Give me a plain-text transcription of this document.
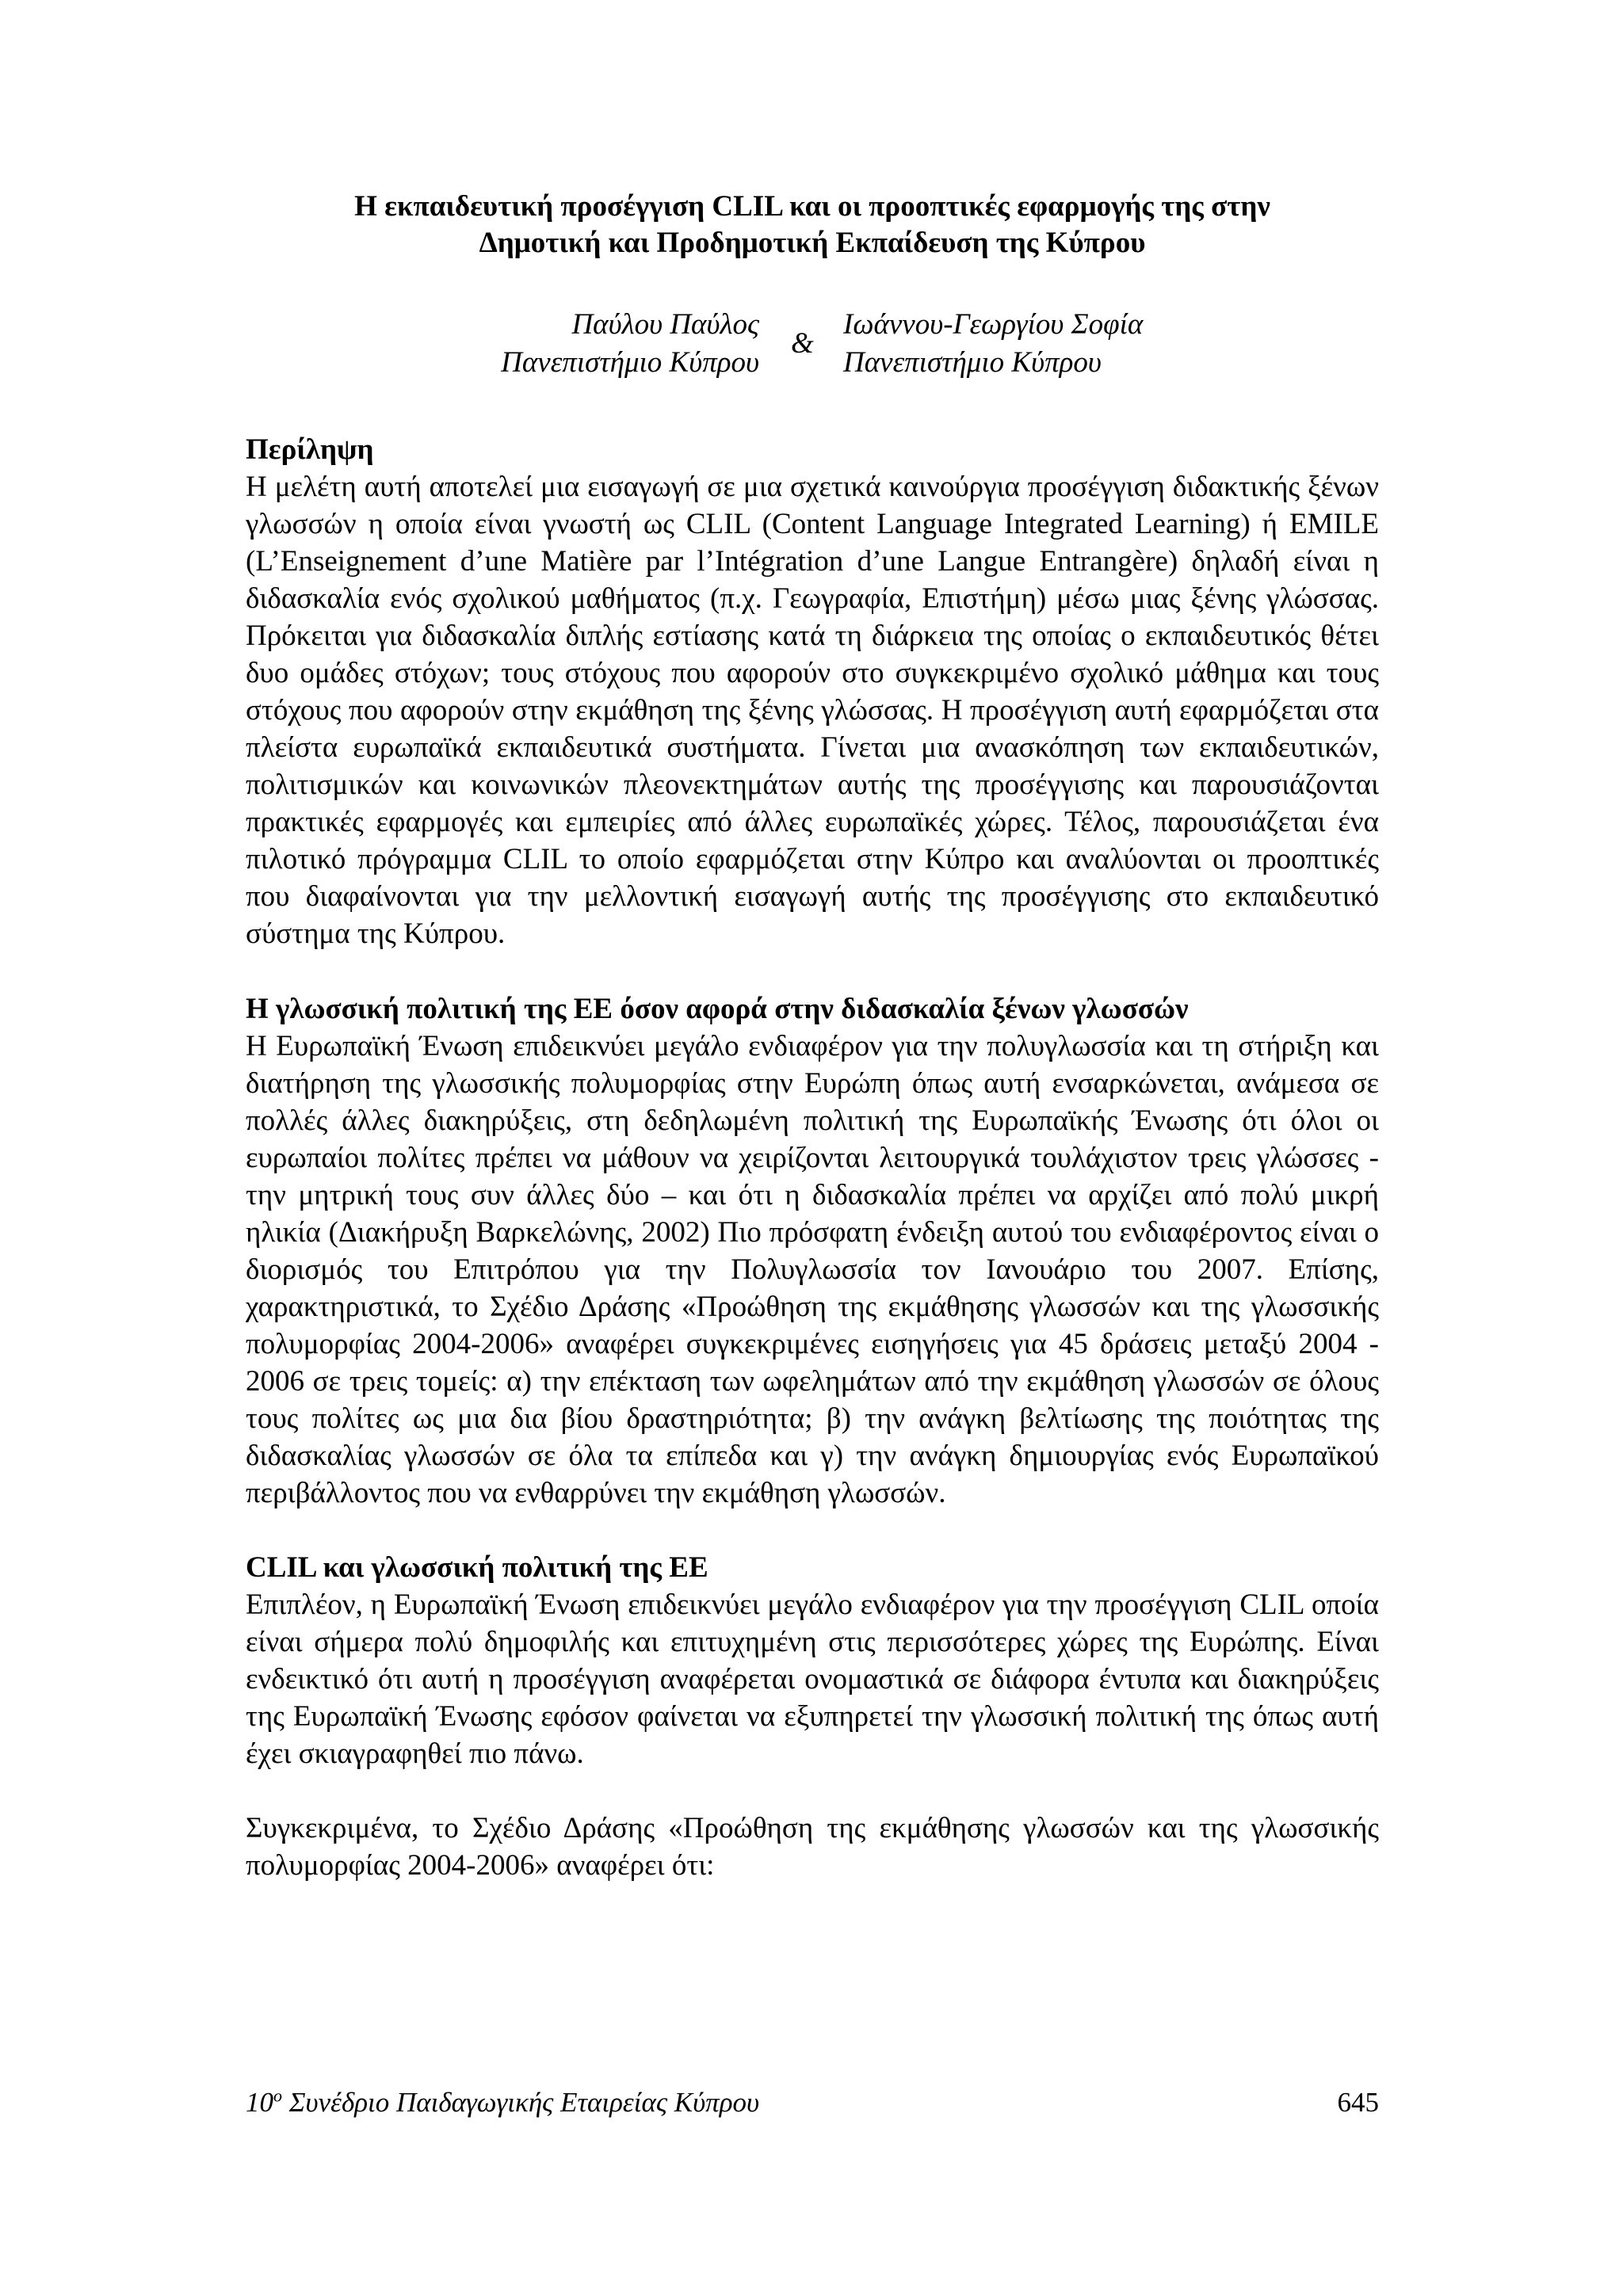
Η εκπαιδευτική προσέγγιση CLIL και οι προοπτικές εφαρμογής της στην
Δημοτική και Προδημοτική Εκπαίδευση της Κύπρου
Παύλου Παύλος
Πανεπιστήμιο Κύπρου
&
Ιωάννου-Γεωργίου Σοφία
Πανεπιστήμιο Κύπρου
Περίληψη

Η μελέτη αυτή αποτελεί μια εισαγωγή σε μια σχετικά καινούργια προσέγγιση διδακτικής ξένων γλωσσών η οποία είναι γνωστή ως CLIL (Content Language Integrated Learning) ή EMILE (L’Enseignement d’une Matière par l’Intégration d’une Langue Entrangère) δηλαδή είναι η διδασκαλία ενός σχολικού μαθήματος (π.χ. Γεωγραφία, Επιστήμη) μέσω μιας ξένης γλώσσας. Πρόκειται για διδασκαλία διπλής εστίασης κατά τη διάρκεια της οποίας ο εκπαιδευτικός θέτει δυο ομάδες στόχων; τους στόχους που αφορούν στο συγκεκριμένο σχολικό μάθημα και τους στόχους που αφορούν στην εκμάθηση της ξένης γλώσσας. Η προσέγγιση αυτή εφαρμόζεται στα πλείστα ευρωπαϊκά εκπαιδευτικά συστήματα. Γίνεται μια ανασκόπηση των εκπαιδευτικών, πολιτισμικών και κοινωνικών πλεονεκτημάτων αυτής της προσέγγισης και παρουσιάζονται πρακτικές εφαρμογές και εμπειρίες από άλλες ευρωπαϊκές χώρες. Τέλος, παρουσιάζεται ένα πιλοτικό πρόγραμμα CLIL το οποίο εφαρμόζεται στην Κύπρο και αναλύονται οι προοπτικές που διαφαίνονται για την μελλοντική εισαγωγή αυτής της προσέγγισης στο εκπαιδευτικό σύστημα της Κύπρου.

Η γλωσσική πολιτική της ΕΕ όσον αφορά στην διδασκαλία ξένων γλωσσών

Η Ευρωπαϊκή Ένωση επιδεικνύει μεγάλο ενδιαφέρον για την πολυγλωσσία και τη στήριξη και διατήρηση της γλωσσικής πολυμορφίας στην Ευρώπη όπως αυτή ενσαρκώνεται, ανάμεσα σε πολλές άλλες διακηρύξεις, στη δεδηλωμένη πολιτική της Ευρωπαϊκής Ένωσης ότι όλοι οι ευρωπαίοι πολίτες πρέπει να μάθουν να χειρίζονται λειτουργικά τουλάχιστον τρεις γλώσσες - την μητρική τους συν άλλες δύο – και ότι η διδασκαλία πρέπει να αρχίζει από πολύ μικρή ηλικία (Διακήρυξη Βαρκελώνης, 2002) Πιο πρόσφατη ένδειξη αυτού του ενδιαφέροντος είναι ο διορισμός του Επιτρόπου για την Πολυγλωσσία τον Ιανουάριο του 2007. Επίσης, χαρακτηριστικά, το Σχέδιο Δράσης «Προώθηση της εκμάθησης γλωσσών και της γλωσσικής πολυμορφίας 2004-2006» αναφέρει συγκεκριμένες εισηγήσεις για 45 δράσεις μεταξύ 2004 - 2006 σε τρεις τομείς: α) την επέκταση των ωφελημάτων από την εκμάθηση γλωσσών σε όλους τους πολίτες ως μια δια βίου δραστηριότητα; β) την ανάγκη βελτίωσης της ποιότητας της διδασκαλίας γλωσσών σε όλα τα επίπεδα και γ) την ανάγκη δημιουργίας ενός Ευρωπαϊκού περιβάλλοντος που να ενθαρρύνει την εκμάθηση γλωσσών.

CLIL και γλωσσική πολιτική της ΕΕ

Επιπλέον, η Ευρωπαϊκή Ένωση επιδεικνύει μεγάλο ενδιαφέρον για την προσέγγιση CLIL οποία είναι σήμερα πολύ δημοφιλής και επιτυχημένη στις περισσότερες χώρες της Ευρώπης. Είναι ενδεικτικό ότι αυτή η προσέγγιση αναφέρεται ονομαστικά σε διάφορα έντυπα και διακηρύξεις της Ευρωπαϊκή Ένωσης εφόσον φαίνεται να εξυπηρετεί την γλωσσική πολιτική της όπως αυτή έχει σκιαγραφηθεί πιο πάνω.

Συγκεκριμένα, το Σχέδιο Δράσης «Προώθηση της εκμάθησης γλωσσών και της γλωσσικής πολυμορφίας 2004-2006» αναφέρει ότι:

$10^o$ Συνέδριο Παιδαγωγικής Εταιρείας Κύπρου	645
